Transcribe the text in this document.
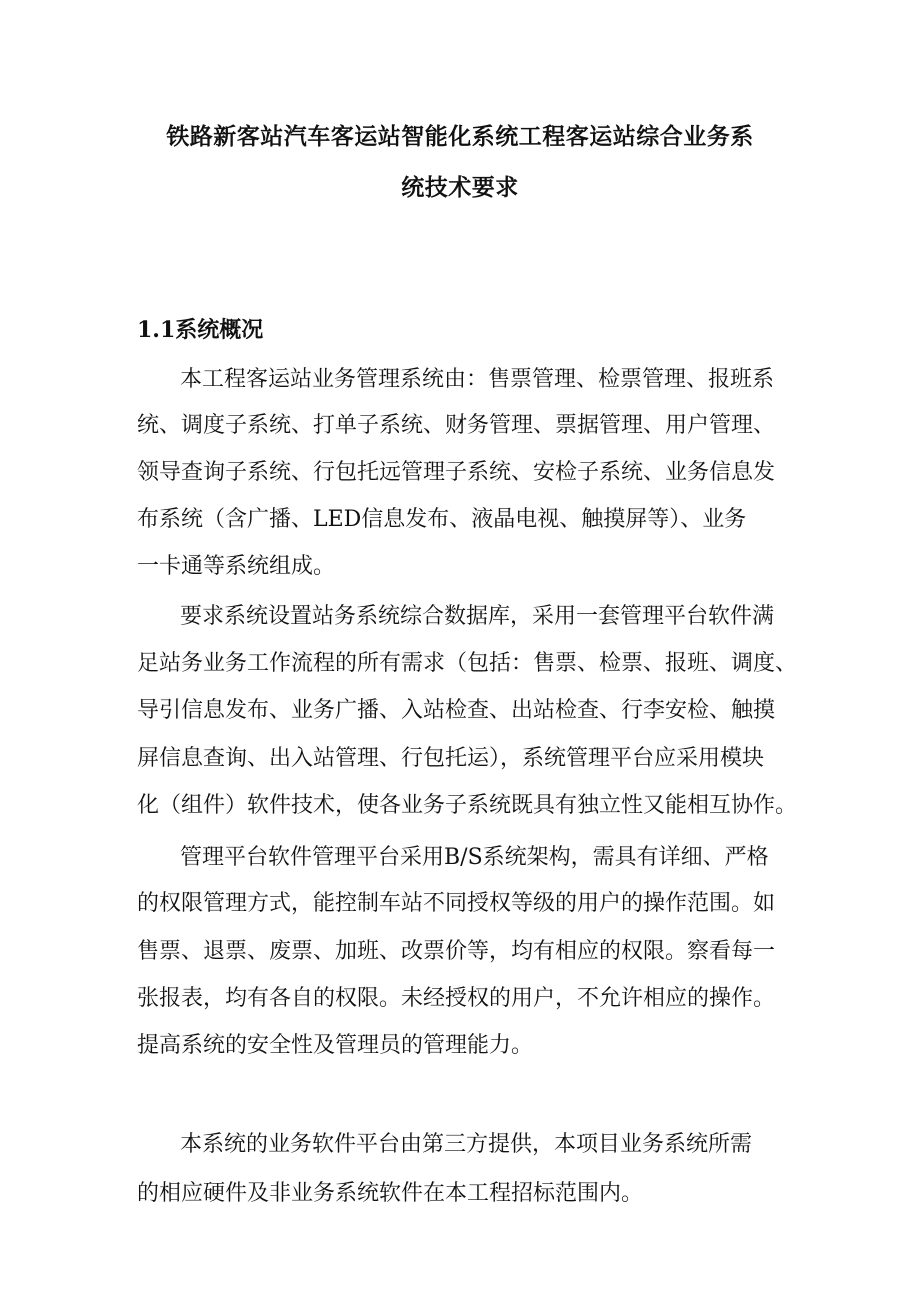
铁路新客站汽车客运站智能化系统工程客运站综合业务系
统技术要求
1.1系统概况

本工程客运站业务管理系统由：售票管理、检票管理、报班系

统、调度子系统、打单子系统、财务管理、票据管理、用户管理、

领导查询子系统、行包托远管理子系统、安检子系统、业务信息发

布系统（含广播、LED信息发布、液晶电视、触摸屏等）、业务

一卡通等系统组成。

要求系统设置站务系统综合数据库，采用一套管理平台软件满

足站务业务工作流程的所有需求（包括：售票、检票、报班、调度、

导引信息发布、业务广播、入站检查、出站检查、行李安检、触摸

屏信息查询、出入站管理、行包托运），系统管理平台应采用模块

化（组件）软件技术，使各业务子系统既具有独立性又能相互协作。

管理平台软件管理平台采用B/S系统架构，需具有详细、严格

的权限管理方式，能控制车站不同授权等级的用户的操作范围。如

售票、退票、废票、加班、改票价等，均有相应的权限。察看每一

张报表，均有各自的权限。未经授权的用户，不允许相应的操作。

提高系统的安全性及管理员的管理能力。

本系统的业务软件平台由第三方提供，本项目业务系统所需

的相应硬件及非业务系统软件在本工程招标范围内。
